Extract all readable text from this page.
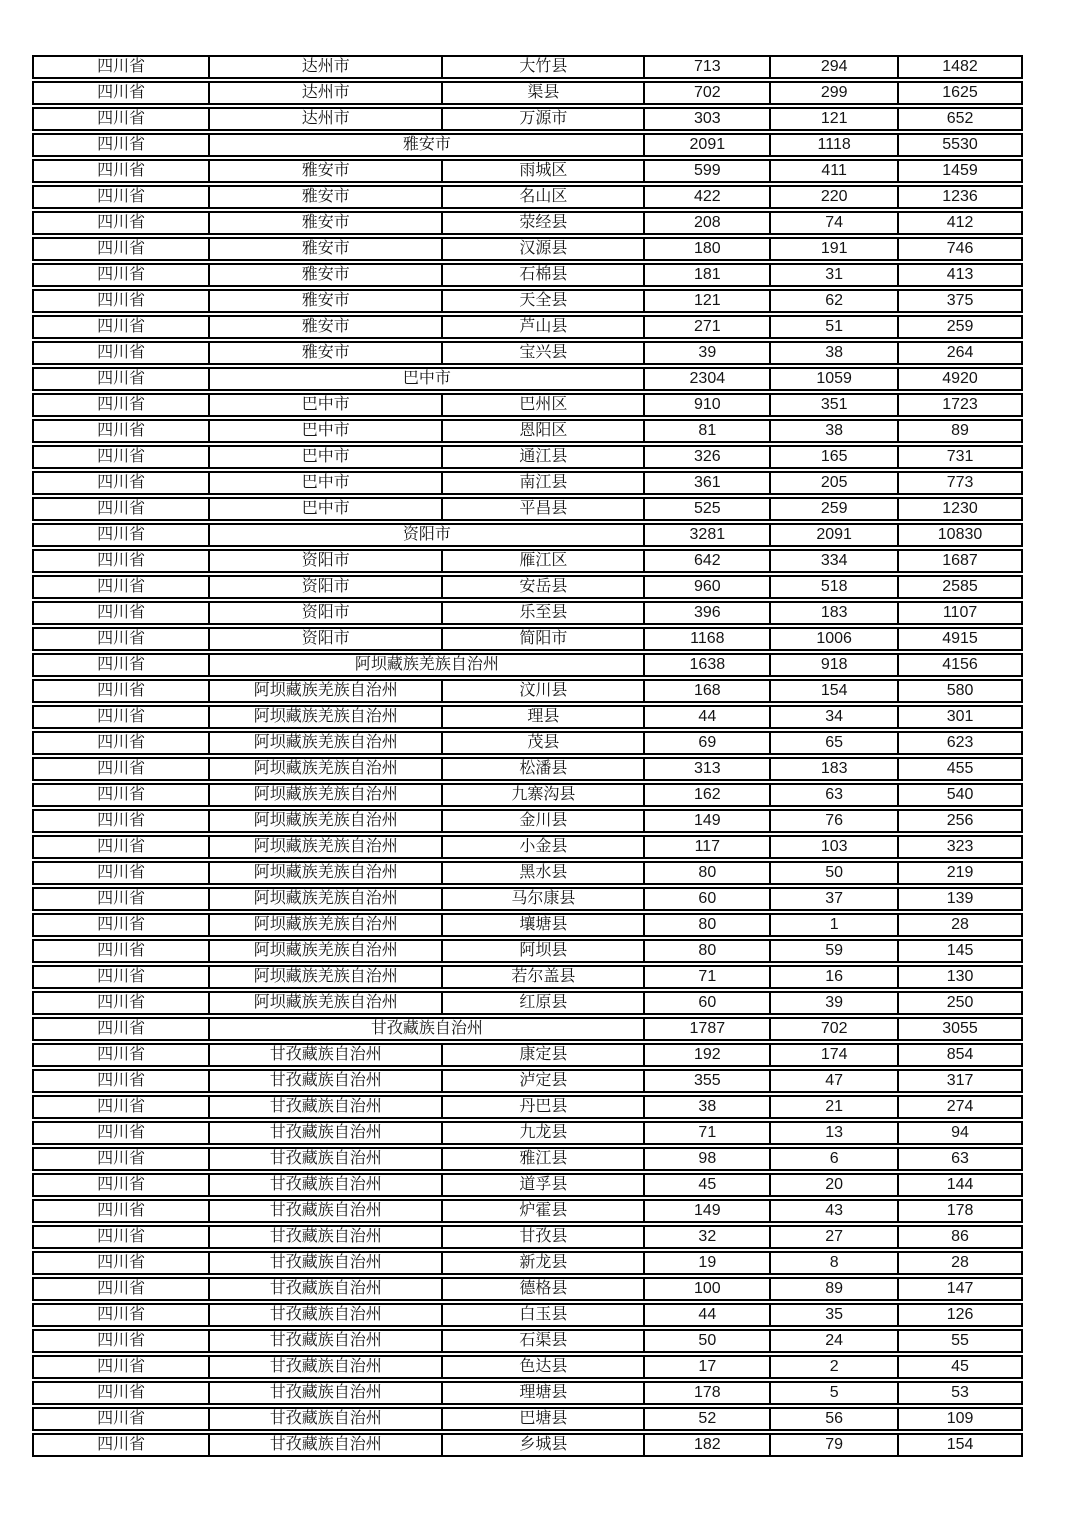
四川省	达州市	大竹县	713	294	1482
四川省	达州市	渠县	702	299	1625
四川省	达州市	万源市	303	121	652
四川省	雅安市		2091	1118	5530
四川省	雅安市	雨城区	599	411	1459
四川省	雅安市	名山区	422	220	1236
四川省	雅安市	荥经县	208	74	412
四川省	雅安市	汉源县	180	191	746
四川省	雅安市	石棉县	181	31	413
四川省	雅安市	天全县	121	62	375
四川省	雅安市	芦山县	271	51	259
四川省	雅安市	宝兴县	39	38	264
四川省	巴中市		2304	1059	4920
四川省	巴中市	巴州区	910	351	1723
四川省	巴中市	恩阳区	81	38	89
四川省	巴中市	通江县	326	165	731
四川省	巴中市	南江县	361	205	773
四川省	巴中市	平昌县	525	259	1230
四川省	资阳市		3281	2091	10830
四川省	资阳市	雁江区	642	334	1687
四川省	资阳市	安岳县	960	518	2585
四川省	资阳市	乐至县	396	183	1107
四川省	资阳市	简阳市	1168	1006	4915
四川省	阿坝藏族羌族自治州		1638	918	4156
四川省	阿坝藏族羌族自治州	汶川县	168	154	580
四川省	阿坝藏族羌族自治州	理县	44	34	301
四川省	阿坝藏族羌族自治州	茂县	69	65	623
四川省	阿坝藏族羌族自治州	松潘县	313	183	455
四川省	阿坝藏族羌族自治州	九寨沟县	162	63	540
四川省	阿坝藏族羌族自治州	金川县	149	76	256
四川省	阿坝藏族羌族自治州	小金县	117	103	323
四川省	阿坝藏族羌族自治州	黑水县	80	50	219
四川省	阿坝藏族羌族自治州	马尔康县	60	37	139
四川省	阿坝藏族羌族自治州	壤塘县	80	1	28
四川省	阿坝藏族羌族自治州	阿坝县	80	59	145
四川省	阿坝藏族羌族自治州	若尔盖县	71	16	130
四川省	阿坝藏族羌族自治州	红原县	60	39	250
四川省	甘孜藏族自治州		1787	702	3055
四川省	甘孜藏族自治州	康定县	192	174	854
四川省	甘孜藏族自治州	泸定县	355	47	317
四川省	甘孜藏族自治州	丹巴县	38	21	274
四川省	甘孜藏族自治州	九龙县	71	13	94
四川省	甘孜藏族自治州	雅江县	98	6	63
四川省	甘孜藏族自治州	道孚县	45	20	144
四川省	甘孜藏族自治州	炉霍县	149	43	178
四川省	甘孜藏族自治州	甘孜县	32	27	86
四川省	甘孜藏族自治州	新龙县	19	8	28
四川省	甘孜藏族自治州	德格县	100	89	147
四川省	甘孜藏族自治州	白玉县	44	35	126
四川省	甘孜藏族自治州	石渠县	50	24	55
四川省	甘孜藏族自治州	色达县	17	2	45
四川省	甘孜藏族自治州	理塘县	178	5	53
四川省	甘孜藏族自治州	巴塘县	52	56	109
四川省	甘孜藏族自治州	乡城县	182	79	154
